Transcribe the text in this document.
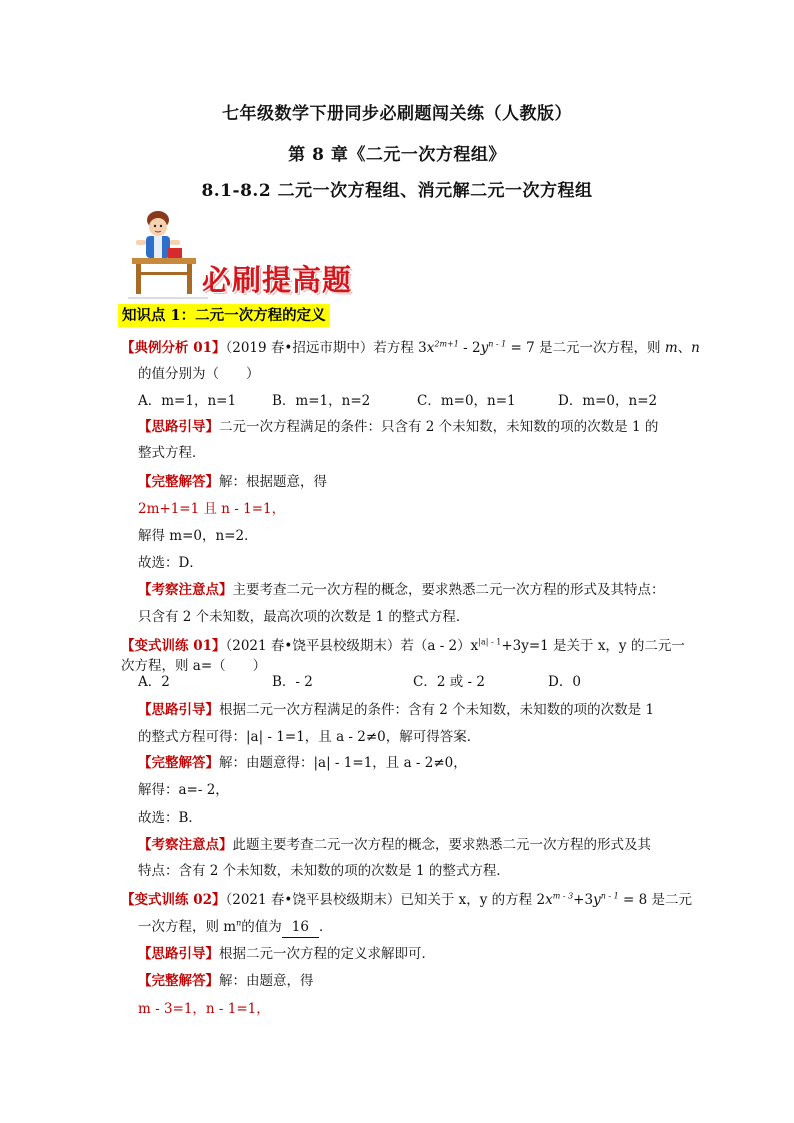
七年级数学下册同步必刷题闯关练（人教版）
第 8 章《二元一次方程组》
8.1-8.2 二元一次方程组、消元解二元一次方程组
必刷提高题
知识点 1：二元一次方程的定义
【典例分析 01】（2019 春•招远市期中）若方程 $3x^{2m+1} - 2y^{n - 1} = 7$ 是二元一次方程，则 m、n
的值分别为（　　）
A．m=1，n=1	B．m=1，n=2	C．m=0，n=1	D．m=0，n=2
【思路引导】二元一次方程满足的条件：只含有 2 个未知数，未知数的项的次数是 1 的
整式方程．
【完整解答】解：根据题意，得
2m+1=1 且 n - 1=1，
解得 m=0，n=2．
故选：D．
【考察注意点】主要考查二元一次方程的概念，要求熟悉二元一次方程的形式及其特点：
只含有 2 个未知数，最高次项的次数是 1 的整式方程．
【变式训练 01】（2021 春•饶平县校级期末）若$(a - 2)x^{|a| - 1}+3y=1$ 是关于 x，y 的二元一
次方程，则 a=（　　）
A．2	B．- 2	C．2 或 - 2	D．0
【思路引导】根据二元一次方程满足的条件：含有 2 个未知数，未知数的项的次数是 1
的整式方程可得：|a| - 1=1，且 a - 2≠0，解可得答案．
【完整解答】解：由题意得：|a| - 1=1，且 a - 2≠0，
解得：a=- 2，
故选：B．
【考察注意点】此题主要考查二元一次方程的概念，要求熟悉二元一次方程的形式及其
特点：含有 2 个未知数，未知数的项的次数是 1 的整式方程．
【变式训练 02】（2021 春•饶平县校级期末）已知关于 x，y 的方程 $2x^{m - 3}+3y^{n - 1} = 8$ 是二元
一次方程，则 $m^n$的值为 16 ．
【思路引导】根据二元一次方程的定义求解即可．
【完整解答】解：由题意，得
m - 3=1，n - 1=1，
